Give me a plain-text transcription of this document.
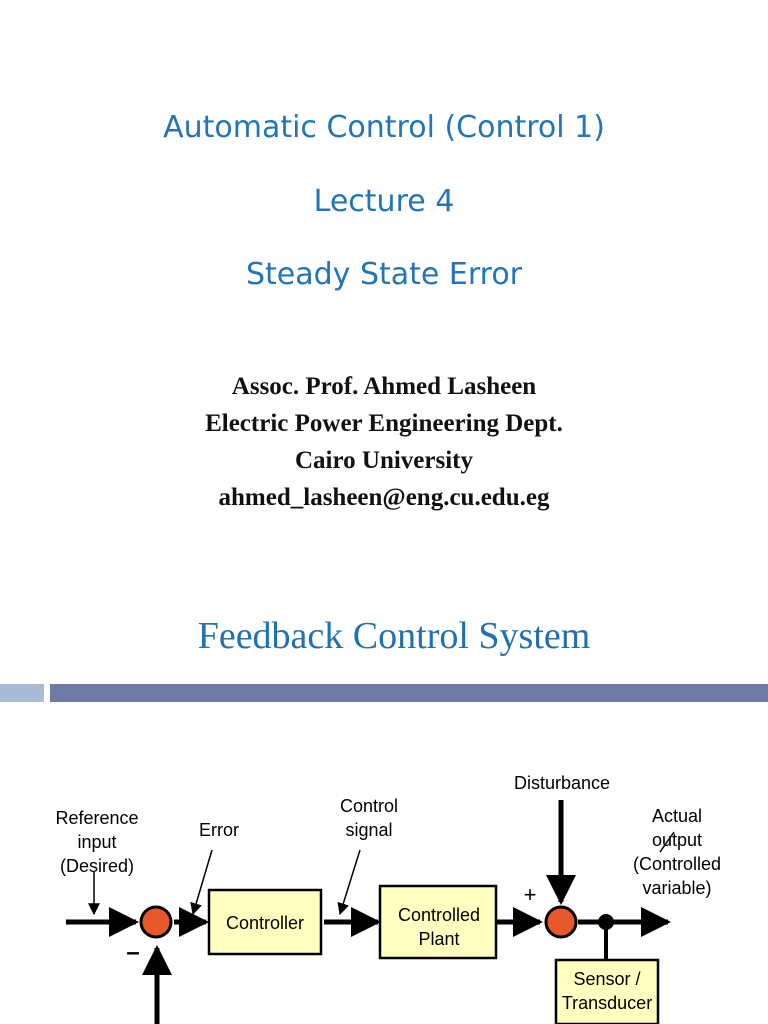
Automatic Control (Control 1)
Lecture 4
Steady State Error
Assoc. Prof. Ahmed Lasheen
Electric Power Engineering Dept.
Cairo University
ahmed_lasheen@eng.cu.edu.eg
Feedback Control System
Controller	Controlled
Plant
Sensor /
Transducer
Reference
input
(Desired)
Error
Control
signal
Disturbance
+
–
Actual
output
(Controlled
variable)
